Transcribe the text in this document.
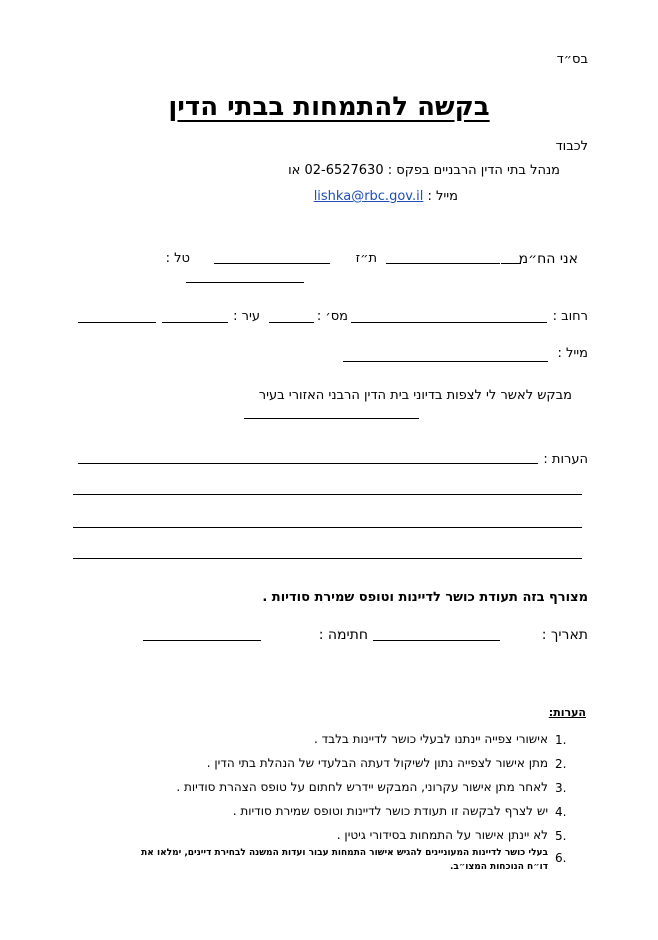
בס״ד
בקשה להתמחות בבתי הדין
לכבוד
מנהל בתי הדין הרבניים בפקס : 02-6527630 או
מייל : lishka@rbc.gov.il
אני הח״מ
ת״ז
טל :
רחוב :
מס׳ :
עיר :
מייל :
מבקש לאשר לי לצפות בדיוני בית הדין הרבני האזורי בעיר
הערות :
מצורף בזה תעודת כושר לדיינות וטופס שמירת סודיות .
תאריך :
חתימה :
הערות:
1.
אישורי צפייה יינתנו לבעלי כושר לדיינות בלבד .
2.
מתן אישור לצפייה נתון לשיקול דעתה הבלעדי של הנהלת בתי הדין .
3.
לאחר מתן אישור עקרוני, המבקש יידרש לחתום על טופס הצהרת סודיות .
4.
יש לצרף לבקשה זו תעודת כושר לדיינות וטופס שמירת סודיות .
5.
לא יינתן אישור על התמחות בסידורי גיטין .
6.
בעלי כושר לדיינות המעוניינים להגיש אישור התמחות עבור ועדות המשנה לבחירת דיינים, ימלאו את
דו״ח הנוכחות המצו״ב.
